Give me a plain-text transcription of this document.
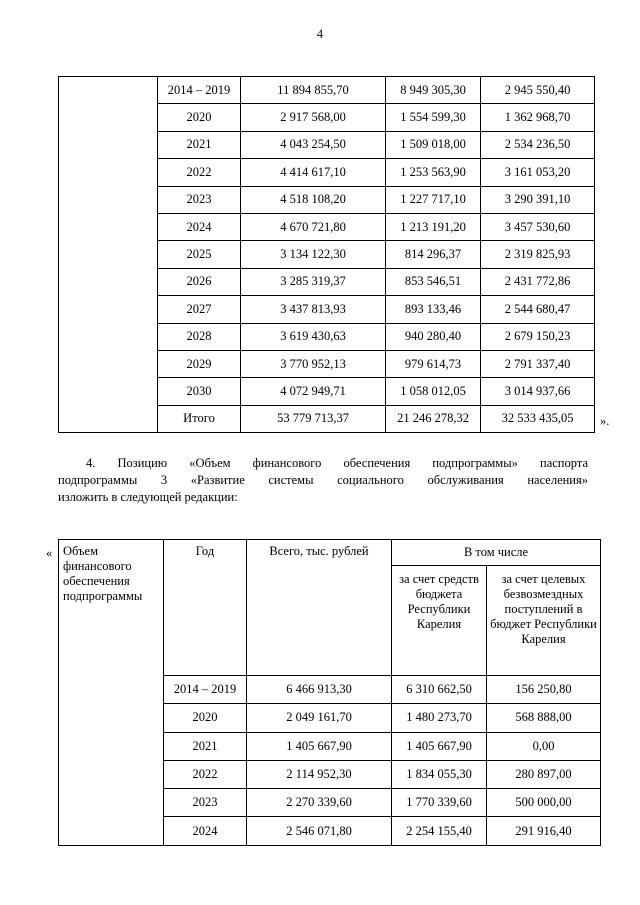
4
	2014 – 2019	11 894 855,70	8 949 305,30	2 945 550,40
	2020	2 917 568,00	1 554 599,30	1 362 968,70
	2021	4 043 254,50	1 509 018,00	2 534 236,50
	2022	4 414 617,10	1 253 563,90	3 161 053,20
	2023	4 518 108,20	1 227 717,10	3 290 391,10
	2024	4 670 721,80	1 213 191,20	3 457 530,60
	2025	3 134 122,30	814 296,37	2 319 825,93
	2026	3 285 319,37	853 546,51	2 431 772,86
	2027	3 437 813,93	893 133,46	2 544 680,47
	2028	3 619 430,63	940 280,40	2 679 150,23
	2029	3 770 952,13	979 614,73	2 791 337,40
	2030	4 072 949,71	1 058 012,05	3 014 937,66
	Итого	53 779 713,37	21 246 278,32	32 533 435,05 ».
4. Позицию «Объем финансового обеспечения подпрограммы» паспорта
подпрограммы 3 «Развитие системы социального обслуживания населения»
изложить в следующей редакции:
« Объем финансового обеспечения подпрограммы	Год	Всего, тыс. рублей	В том числе	
			за счет средств бюджета Республики Карелия	за счет целевых безвозмездных поступлений в бюджет Республики Карелия
	2014 – 2019	6 466 913,30	6 310 662,50	156 250,80
	2020	2 049 161,70	1 480 273,70	568 888,00
	2021	1 405 667,90	1 405 667,90	0,00
	2022	2 114 952,30	1 834 055,30	280 897,00
	2023	2 270 339,60	1 770 339,60	500 000,00
	2024	2 546 071,80	2 254 155,40	291 916,40
